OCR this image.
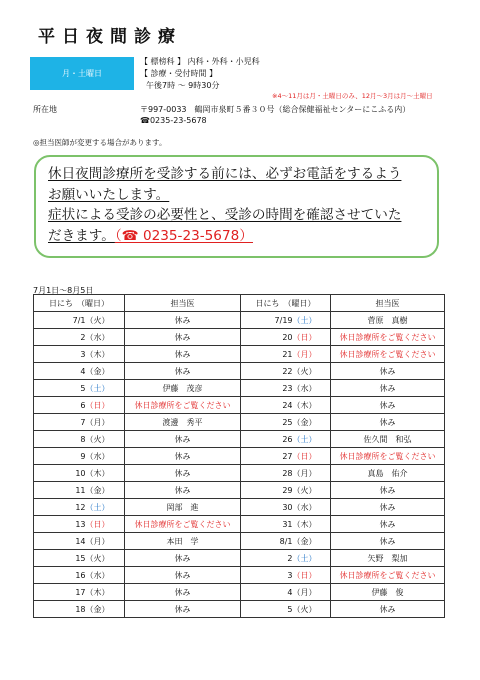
平日夜間診療
月・土曜日
【 標榜科 】 内科・外科・小児科
【 診療・受付時間 】
午後7時 ～ 9時30分
※4～11月は月・土曜日のみ、12月～3月は月～土曜日
所在地	〒997-0033　鶴岡市泉町５番３０号（総合保健福祉センターにこふる内）
☎0235-23-5678
◎担当医師が変更する場合があります。
休日夜間診療所を受診する前には、必ずお電話をするよう
お願いいたします。
症状による受診の必要性と、受診の時間を確認させていた
だきます。（☎ 0235-23-5678）
7月1日～8月5日
日にち　（曜日）		担当医	日にち　（曜日）		担当医
7/1	（火）	休み	7/19	（土）	菅原　真樹
2	（水）	休み	20	（日）	休日診療所をご覧ください
3	（木）	休み	21	（月）	休日診療所をご覧ください
4	（金）	休み	22	（火）	休み
5	（土）	伊藤　茂彦	23	（水）	休み
6	（日）	休日診療所をご覧ください	24	（木）	休み
7	（月）	渡邊　秀平	25	（金）	休み
8	（火）	休み	26	（土）	佐久間　和弘
9	（水）	休み	27	（日）	休日診療所をご覧ください
10	（木）	休み	28	（月）	真島　佑介
11	（金）	休み	29	（火）	休み
12	（土）	岡部　進	30	（水）	休み
13	（日）	休日診療所をご覧ください	31	（木）	休み
14	（月）	本田　学	8/1	（金）	休み
15	（火）	休み	2	（土）	矢野　梨加
16	（水）	休み	3	（日）	休日診療所をご覧ください
17	（木）	休み	4	（月）	伊藤　俊
18	（金）	休み	5	（火）	休み
